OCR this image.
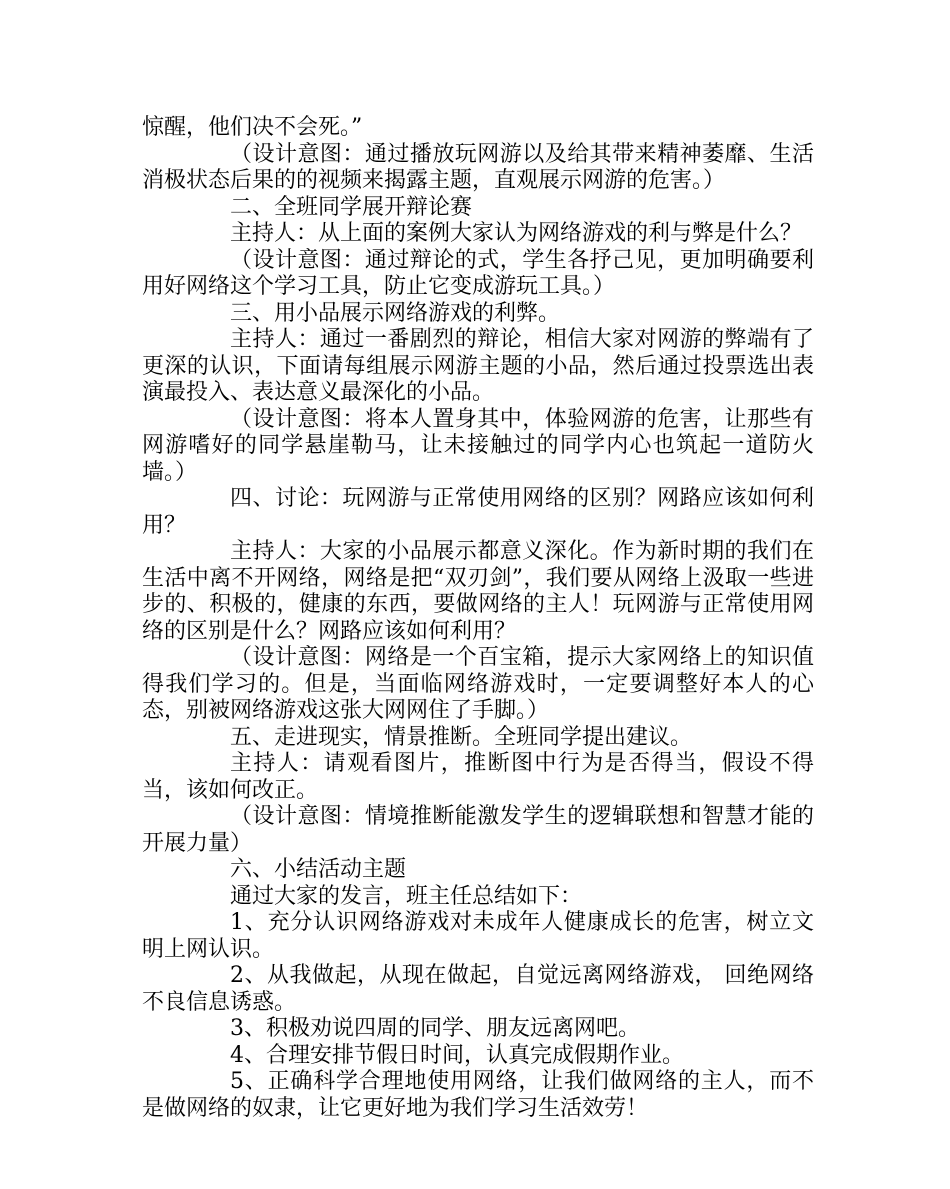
惊醒，他们决不会死。”

（设计意图：通过播放玩网游以及给其带来精神萎靡、生活消极状态后果的的视频来揭露主题，直观展示网游的危害。）

二、全班同学展开辩论赛

主持人：从上面的案例大家认为网络游戏的利与弊是什么？

（设计意图：通过辩论的式，学生各抒己见，更加明确要利用好网络这个学习工具，防止它变成游玩工具。）

三、用小品展示网络游戏的利弊。

主持人：通过一番剧烈的辩论，相信大家对网游的弊端有了更深的认识，下面请每组展示网游主题的小品，然后通过投票选出表演最投入、表达意义最深化的小品。

（设计意图：将本人置身其中，体验网游的危害，让那些有网游嗜好的同学悬崖勒马，让未接触过的同学内心也筑起一道防火墙。）

四、讨论：玩网游与正常使用网络的区别？网路应该如何利用？

主持人：大家的小品展示都意义深化。作为新时期的我们在生活中离不开网络，网络是把“双刃剑”，我们要从网络上汲取一些进步的、积极的，健康的东西，要做网络的主人！玩网游与正常使用网络的区别是什么？网路应该如何利用？

（设计意图：网络是一个百宝箱，提示大家网络上的知识值得我们学习的。但是，当面临网络游戏时，一定要调整好本人的心态，别被网络游戏这张大网网住了手脚。）

五、走进现实，情景推断。全班同学提出建议。

主持人：请观看图片，推断图中行为是否得当，假设不得当，该如何改正。

（设计意图：情境推断能激发学生的逻辑联想和智慧才能的开展力量）

六、小结活动主题

通过大家的发言，班主任总结如下：

1、充分认识网络游戏对未成年人健康成长的危害，树立文明上网认识。

2、从我做起，从现在做起，自觉远离网络游戏， 回绝网络不良信息诱惑。

3、积极劝说四周的同学、朋友远离网吧。

4、合理安排节假日时间，认真完成假期作业。

5、正确科学合理地使用网络，让我们做网络的主人，而不是做网络的奴隶，让它更好地为我们学习生活效劳！
